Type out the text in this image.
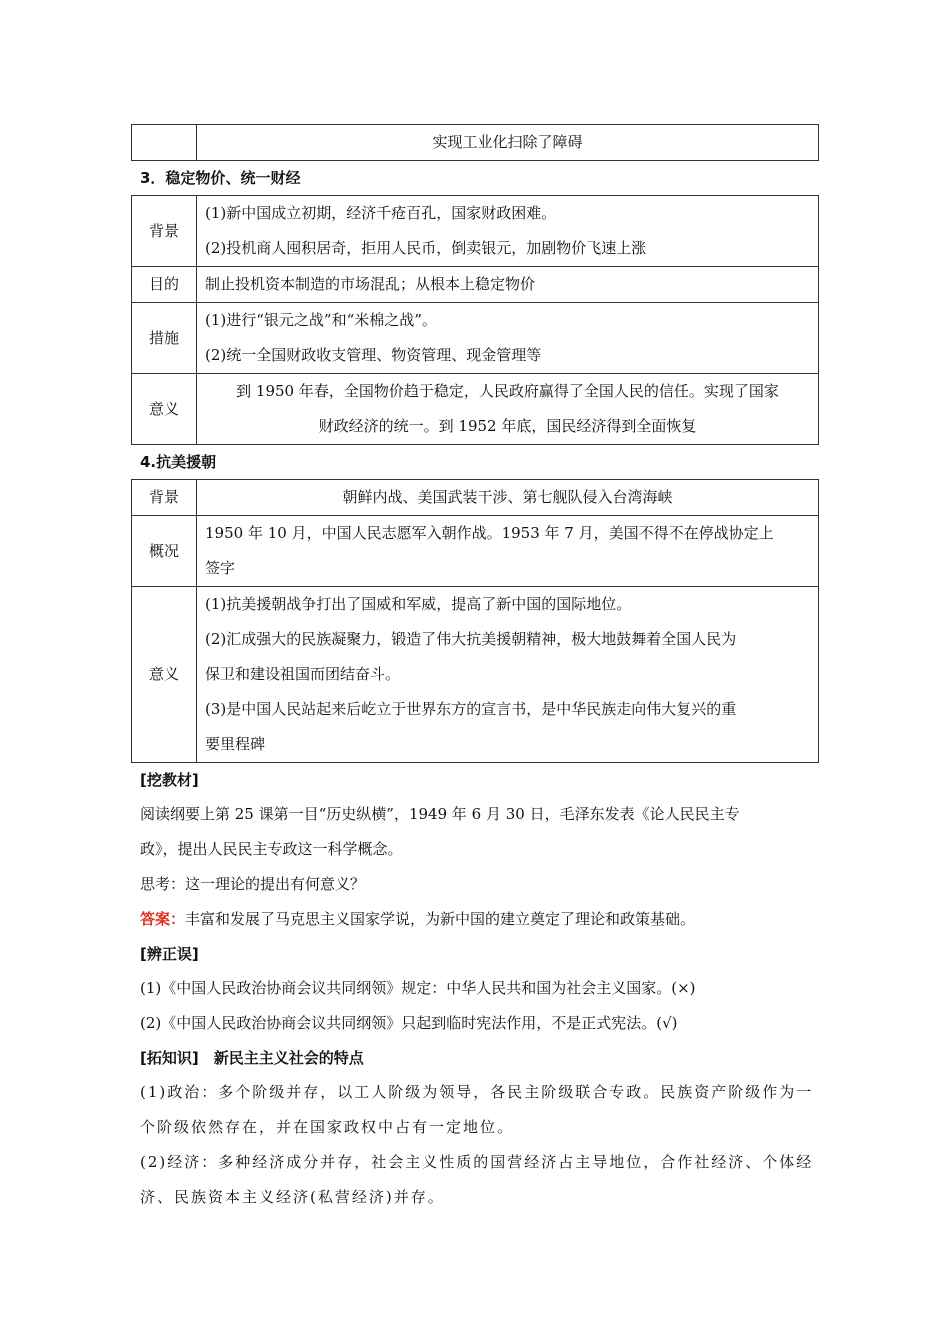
	实现工业化扫除了障碍
3．稳定物价、统一财经
背景	(1)新中国成立初期，经济千疮百孔，国家财政困难。
(2)投机商人囤积居奇，拒用人民币，倒卖银元，加剧物价飞速上涨

目的	制止投机资本制造的市场混乱；从根本上稳定物价
措施	(1)进行“银元之战”和“米棉之战”。
(2)统一全国财政收支管理、物资管理、现金管理等

意义	到 1950 年春，全国物价趋于稳定，人民政府赢得了全国人民的信任。实现了国家
财政经济的统一。到 1952 年底，国民经济得到全面恢复
4.抗美援朝
背景	朝鲜内战、美国武装干涉、第七舰队侵入台湾海峡
概况	1950 年 10 月，中国人民志愿军入朝作战。1953 年 7 月，美国不得不在停战协定上
签字

意义	(1)抗美援朝战争打出了国威和军威，提高了新中国的国际地位。
(2)汇成强大的民族凝聚力，锻造了伟大抗美援朝精神，极大地鼓舞着全国人民为
保卫和建设祖国而团结奋斗。
(3)是中国人民站起来后屹立于世界东方的宣言书，是中华民族走向伟大复兴的重
要里程碑
[挖教材]
阅读纲要上第 25 课第一目“历史纵横”，1949 年 6 月 30 日，毛泽东发表《论人民民主专
政》，提出人民民主专政这一科学概念。
思考：这一理论的提出有何意义？
答案：丰富和发展了马克思主义国家学说，为新中国的建立奠定了理论和政策基础。
[辨正误]
(1)《中国人民政治协商会议共同纲领》规定：中华人民共和国为社会主义国家。(×)
(2)《中国人民政治协商会议共同纲领》只起到临时宪法作用，不是正式宪法。(√)
[拓知识]　新民主主义社会的特点
(1)政治：多个阶级并存，以工人阶级为领导，各民主阶级联合专政。民族资产阶级作为一
个阶级依然存在，并在国家政权中占有一定地位。
(2)经济：多种经济成分并存，社会主义性质的国营经济占主导地位，合作社经济、个体经
济、民族资本主义经济(私营经济)并存。
